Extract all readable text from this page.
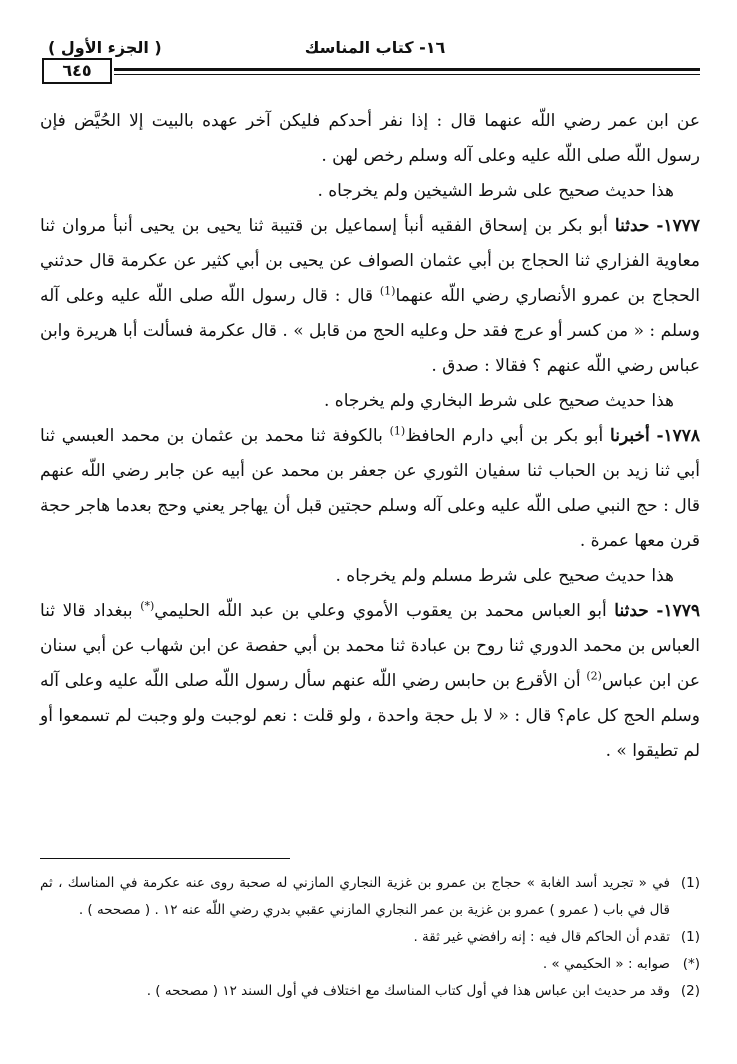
( الجزء الأول )	١٦- كتاب المناسك
٦٤٥

عن ابن عمر رضي اللّه عنهما قال : إذا نفر أحدكم فليكن آخر عهده بالبيت إلا الحُيَّض فإن رسول اللّه صلى اللّه عليه وعلى آله وسلم رخص لهن .

هذا حديث صحيح على شرط الشيخين ولم يخرجاه .

١٧٧٧- حدثنا أبو بكر بن إسحاق الفقيه أنبأ إسماعيل بن قتيبة ثنا يحيى بن يحيى أنبأ مروان ثنا معاوية الفزاري ثنا الحجاج بن أبي عثمان الصواف عن يحيى بن أبي كثير عن عكرمة قال حدثني الحجاج بن عمرو الأنصاري رضي اللّه عنهما$^{(1)}$ قال : قال رسول اللّه صلى اللّه عليه وعلى آله وسلم : « من كسر أو عرج فقد حل وعليه الحج من قابل » . قال عكرمة فسألت أبا هريرة وابن عباس رضي اللّه عنهم ؟ فقالا : صدق .

هذا حديث صحيح على شرط البخاري ولم يخرجاه .

١٧٧٨- أخبرنا أبو بكر بن أبي دارم الحافظ$^{(1)}$ بالكوفة ثنا محمد بن عثمان بن محمد العبسي ثنا أبي ثنا زيد بن الحباب ثنا سفيان الثوري عن جعفر بن محمد عن أبيه عن جابر رضي اللّه عنهم قال : حج النبي صلى اللّه عليه وعلى آله وسلم حجتين قبل أن يهاجر يعني وحج بعدما هاجر حجة قرن معها عمرة .

هذا حديث صحيح على شرط مسلم ولم يخرجاه .

١٧٧٩- حدثنا أبو العباس محمد بن يعقوب الأموي وعلي بن عبد اللّه الحليمي(*) ببغداد قالا ثنا العباس بن محمد الدوري ثنا روح بن عبادة ثنا محمد بن أبي حفصة عن ابن شهاب عن أبي سنان عن ابن عباس$^{(2)}$ أن الأقرع بن حابس رضي اللّه عنهم سأل رسول اللّه صلى اللّه عليه وعلى آله وسلم الحج كل عام؟ قال : « لا بل حجة واحدة ، ولو قلت : نعم لوجبت ولو وجبت لم تسمعوا أو لم تطيقوا » .

(1)
في « تجريد أسد الغابة » حجاج بن عمرو بن غزية النجاري المازني له صحبة روى عنه عكرمة في المناسك ، ثم قال في باب ( عمرو ) عمرو بن غزية بن عمر النجاري المازني عقبي بدري رضي اللّه عنه ١٢ . ( مصححه ) .

(1)
تقدم أن الحاكم قال فيه : إنه رافضي غير ثقة .

(*)
صوابه : « الحكيمي » .

(2)
وقد مر حديث ابن عباس هذا في أول كتاب المناسك مع اختلاف في أول السند ١٢ ( مصححه ) .
